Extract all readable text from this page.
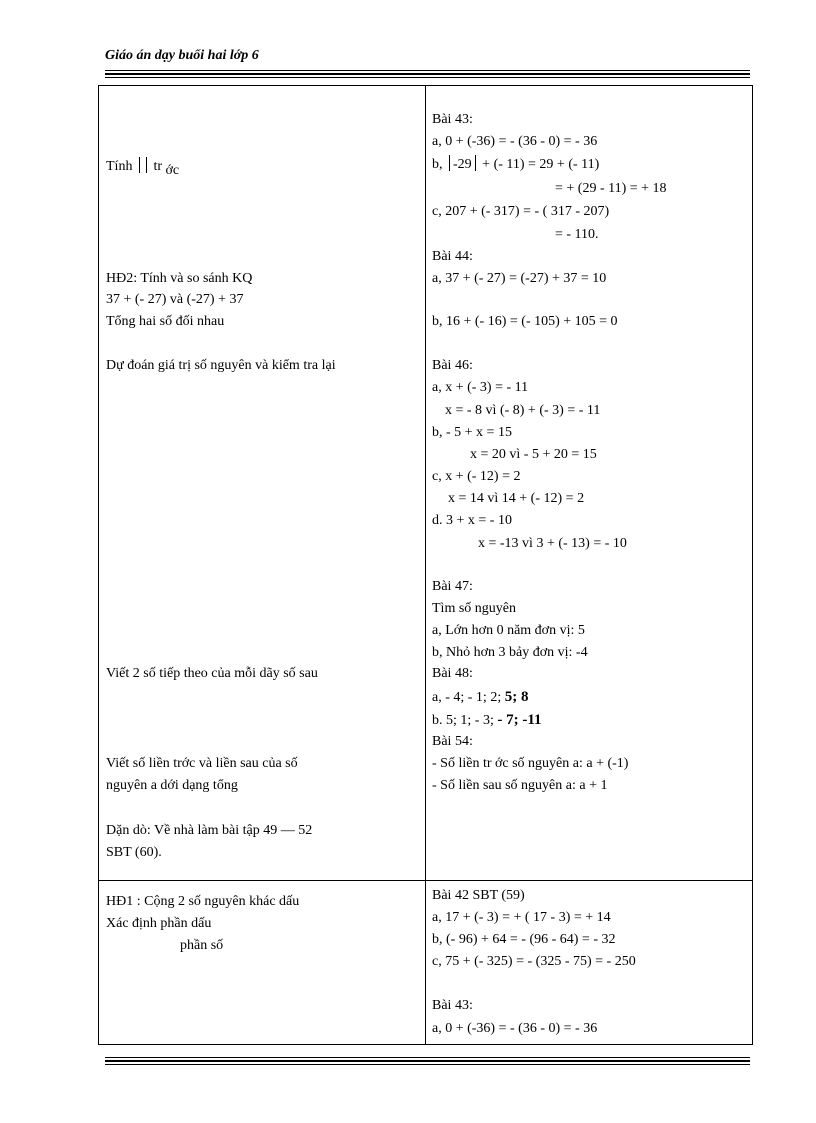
Giáo án dạy buổi hai lớp 6
Tính tr ớc
HĐ2: Tính và so sánh KQ
37 + (- 27) và (-27) + 37
Tổng hai số đối nhau
Dự đoán giá trị số nguyên và kiểm tra lại
Viết 2 số tiếp theo của mỗi dãy số sau
Viết số liền trớc và liền sau của số
nguyên a dới dạng tổng
Dặn dò: Về nhà làm bài tập 49 — 52
SBT (60).
HĐ1 : Cộng 2 số nguyên khác dấu
Xác định phần dấu
phần số
Bài 43:
a, 0 + (-36) = - (36 - 0) = - 36
b, -29 + (- 11) = 29 + (- 11)
= + (29 - 11) = + 18
c, 207 + (- 317) = - ( 317 - 207)
= - 110.
Bài 44:
a, 37 + (- 27) = (-27) + 37 = 10
b, 16 + (- 16) = (- 105) + 105 = 0
Bài 46:
a, x + (- 3) = - 11
x = - 8 vì (- 8) + (- 3) = - 11
b, - 5 + x = 15
x = 20 vì - 5 + 20 = 15
c, x + (- 12) = 2
x = 14 vì 14 + (- 12) = 2
d. 3 + x = - 10
x = -13 vì 3 + (- 13) = - 10
Bài 47:
Tìm số nguyên
a, Lớn hơn 0 năm đơn vị: 5
b, Nhỏ hơn 3 bảy đơn vị: -4
Bài 48:
a, - 4; - 1; 2; 5; 8
b. 5; 1; - 3; - 7; -11
Bài 54:
- Số liền tr ớc số nguyên a: a + (-1)
- Số liền sau số nguyên a: a + 1
Bài 42 SBT (59)
a, 17 + (- 3) = + ( 17 - 3) = + 14
b, (- 96) + 64 = - (96 - 64) = - 32
c, 75 + (- 325) = - (325 - 75) = - 250
Bài 43:
a, 0 + (-36) = - (36 - 0) = - 36
